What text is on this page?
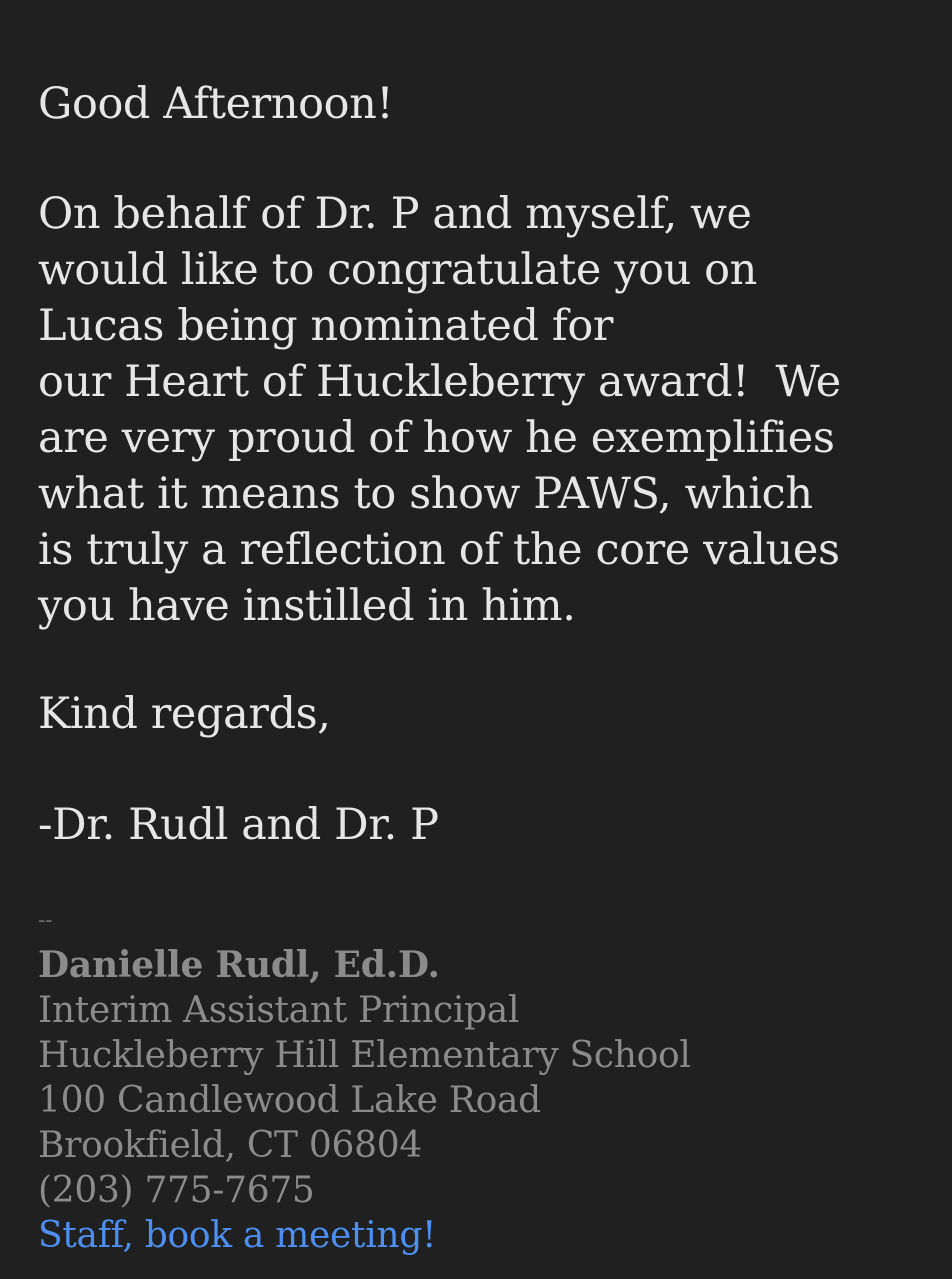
Good Afternoon!
On behalf of Dr. P and myself, we
would like to congratulate you on
Lucas being nominated for
our Heart of Huckleberry award!  We
are very proud of how he exemplifies
what it means to show PAWS, which
is truly a reflection of the core values
you have instilled in him.
Kind regards,
-Dr. Rudl and Dr. P
--
Danielle Rudl, Ed.D.
Interim Assistant Principal
Huckleberry Hill Elementary School
100 Candlewood Lake Road
Brookfield, CT 06804
(203) 775-7675
Staff, book a meeting!
